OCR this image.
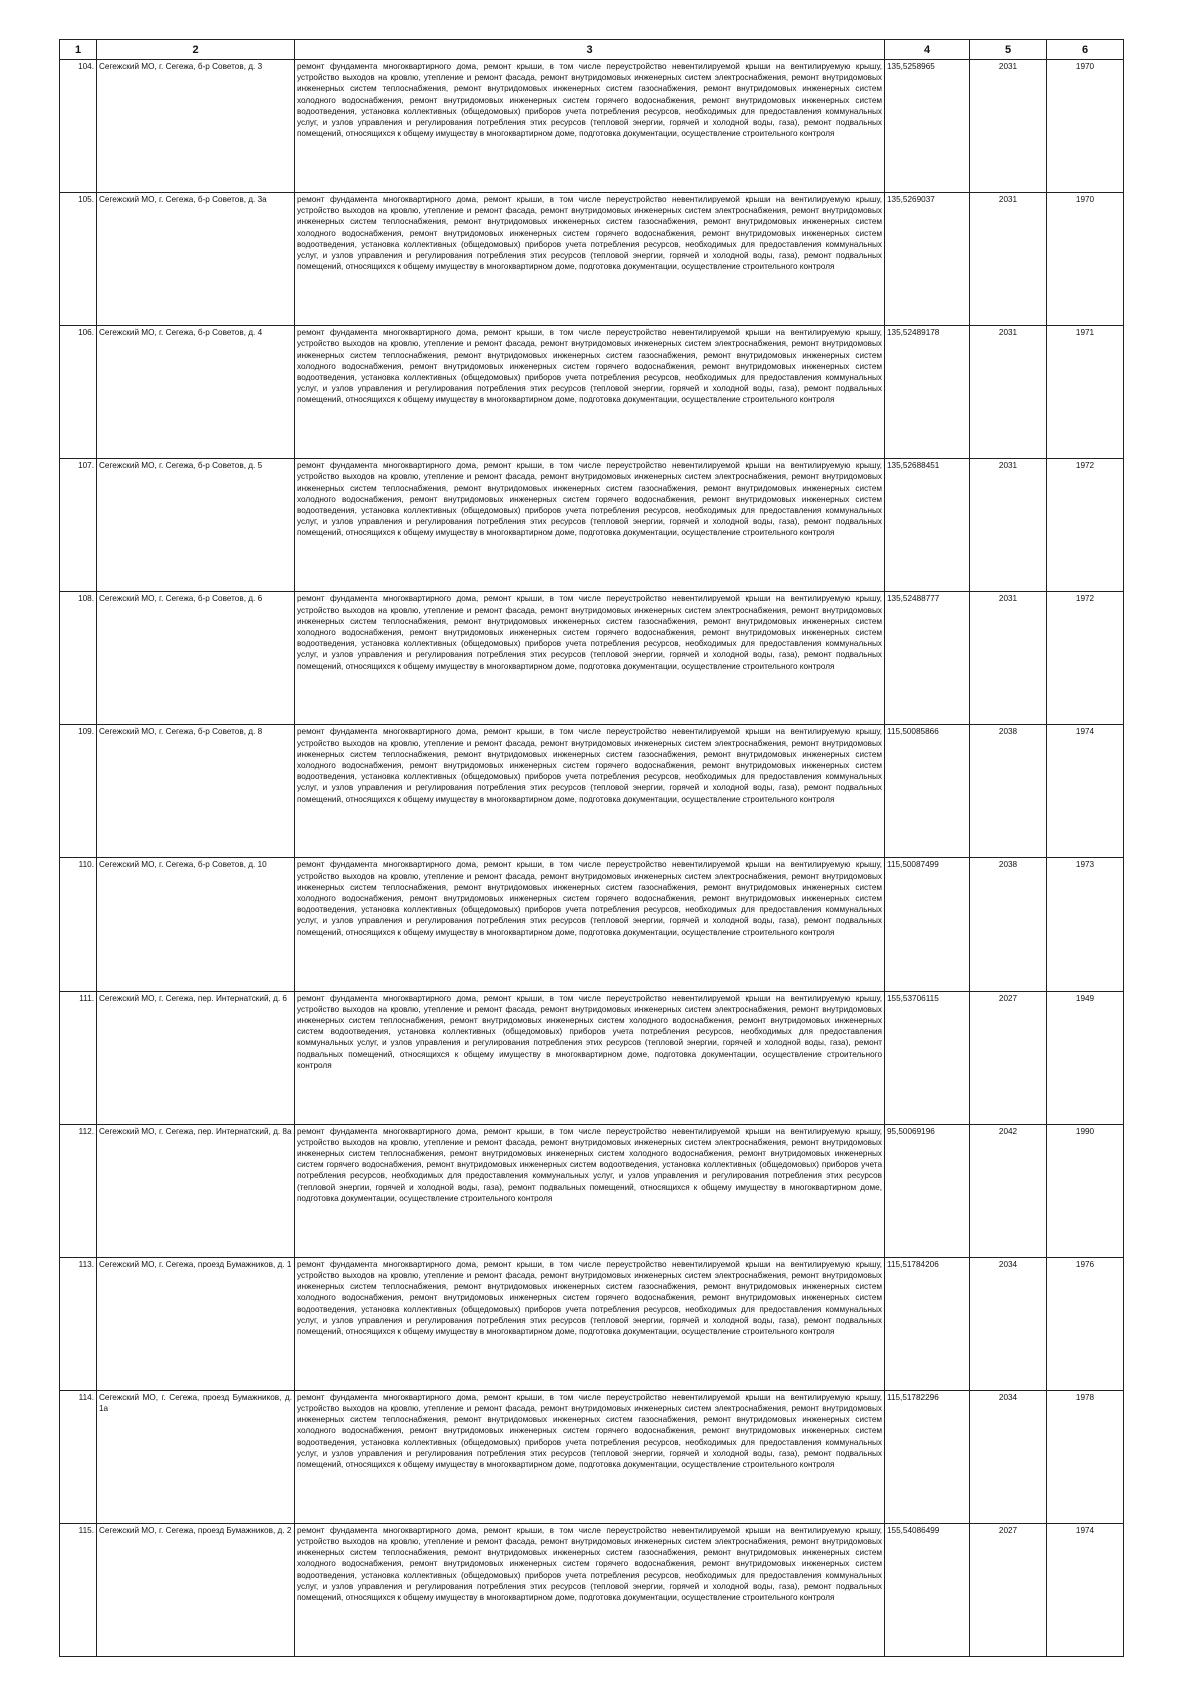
1	2	3	4	5	6
104.	Сегежский МО, г. Сегежа, б-р Советов, д. 3	ремонт фундамента многоквартирного дома, ремонт крыши, в том числе переустройство невентилируемой крыши на вентилируемую крышу, устройство выходов на кровлю, утепление и ремонт фасада, ремонт внутридомовых инженерных систем электроснабжения, ремонт внутридомовых инженерных систем теплоснабжения, ремонт внутридомовых инженерных систем газоснабжения, ремонт внутридомовых инженерных систем холодного водоснабжения, ремонт внутридомовых инженерных систем горячего водоснабжения, ремонт внутридомовых инженерных систем водоотведения, установка коллективных (общедомовых) приборов учета потребления ресурсов, необходимых для предоставления коммунальных услуг, и узлов управления и регулирования потребления этих ресурсов (тепловой энергии, горячей и холодной воды, газа), ремонт подвальных помещений, относящихся к общему имуществу в многоквартирном доме, подготовка документации, осуществление строительного контроля	135,5258965	2031	1970
105.	Сегежский МО, г. Сегежа, б-р Советов, д. 3а	ремонт фундамента многоквартирного дома, ремонт крыши, в том числе переустройство невентилируемой крыши на вентилируемую крышу, устройство выходов на кровлю, утепление и ремонт фасада, ремонт внутридомовых инженерных систем электроснабжения, ремонт внутридомовых инженерных систем теплоснабжения, ремонт внутридомовых инженерных систем газоснабжения, ремонт внутридомовых инженерных систем холодного водоснабжения, ремонт внутридомовых инженерных систем горячего водоснабжения, ремонт внутридомовых инженерных систем водоотведения, установка коллективных (общедомовых) приборов учета потребления ресурсов, необходимых для предоставления коммунальных услуг, и узлов управления и регулирования потребления этих ресурсов (тепловой энергии, горячей и холодной воды, газа), ремонт подвальных помещений, относящихся к общему имуществу в многоквартирном доме, подготовка документации, осуществление строительного контроля	135,5269037	2031	1970
106.	Сегежский МО, г. Сегежа, б-р Советов, д. 4	ремонт фундамента многоквартирного дома, ремонт крыши, в том числе переустройство невентилируемой крыши на вентилируемую крышу, устройство выходов на кровлю, утепление и ремонт фасада, ремонт внутридомовых инженерных систем электроснабжения, ремонт внутридомовых инженерных систем теплоснабжения, ремонт внутридомовых инженерных систем газоснабжения, ремонт внутридомовых инженерных систем холодного водоснабжения, ремонт внутридомовых инженерных систем горячего водоснабжения, ремонт внутридомовых инженерных систем водоотведения, установка коллективных (общедомовых) приборов учета потребления ресурсов, необходимых для предоставления коммунальных услуг, и узлов управления и регулирования потребления этих ресурсов (тепловой энергии, горячей и холодной воды, газа), ремонт подвальных помещений, относящихся к общему имуществу в многоквартирном доме, подготовка документации, осуществление строительного контроля	135,52489178	2031	1971
107.	Сегежский МО, г. Сегежа, б-р Советов, д. 5	ремонт фундамента многоквартирного дома, ремонт крыши, в том числе переустройство невентилируемой крыши на вентилируемую крышу, устройство выходов на кровлю, утепление и ремонт фасада, ремонт внутридомовых инженерных систем электроснабжения, ремонт внутридомовых инженерных систем теплоснабжения, ремонт внутридомовых инженерных систем газоснабжения, ремонт внутридомовых инженерных систем холодного водоснабжения, ремонт внутридомовых инженерных систем горячего водоснабжения, ремонт внутридомовых инженерных систем водоотведения, установка коллективных (общедомовых) приборов учета потребления ресурсов, необходимых для предоставления коммунальных услуг, и узлов управления и регулирования потребления этих ресурсов (тепловой энергии, горячей и холодной воды, газа), ремонт подвальных помещений, относящихся к общему имуществу в многоквартирном доме, подготовка документации, осуществление строительного контроля	135,52688451	2031	1972
108.	Сегежский МО, г. Сегежа, б-р Советов, д. 6	ремонт фундамента многоквартирного дома, ремонт крыши, в том числе переустройство невентилируемой крыши на вентилируемую крышу, устройство выходов на кровлю, утепление и ремонт фасада, ремонт внутридомовых инженерных систем электроснабжения, ремонт внутридомовых инженерных систем теплоснабжения, ремонт внутридомовых инженерных систем газоснабжения, ремонт внутридомовых инженерных систем холодного водоснабжения, ремонт внутридомовых инженерных систем горячего водоснабжения, ремонт внутридомовых инженерных систем водоотведения, установка коллективных (общедомовых) приборов учета потребления ресурсов, необходимых для предоставления коммунальных услуг, и узлов управления и регулирования потребления этих ресурсов (тепловой энергии, горячей и холодной воды, газа), ремонт подвальных помещений, относящихся к общему имуществу в многоквартирном доме, подготовка документации, осуществление строительного контроля	135,52488777	2031	1972
109.	Сегежский МО, г. Сегежа, б-р Советов, д. 8	ремонт фундамента многоквартирного дома, ремонт крыши, в том числе переустройство невентилируемой крыши на вентилируемую крышу, устройство выходов на кровлю, утепление и ремонт фасада, ремонт внутридомовых инженерных систем электроснабжения, ремонт внутридомовых инженерных систем теплоснабжения, ремонт внутридомовых инженерных систем газоснабжения, ремонт внутридомовых инженерных систем холодного водоснабжения, ремонт внутридомовых инженерных систем горячего водоснабжения, ремонт внутридомовых инженерных систем водоотведения, установка коллективных (общедомовых) приборов учета потребления ресурсов, необходимых для предоставления коммунальных услуг, и узлов управления и регулирования потребления этих ресурсов (тепловой энергии, горячей и холодной воды, газа), ремонт подвальных помещений, относящихся к общему имуществу в многоквартирном доме, подготовка документации, осуществление строительного контроля	115,50085866	2038	1974
110.	Сегежский МО, г. Сегежа, б-р Советов, д. 10	ремонт фундамента многоквартирного дома, ремонт крыши, в том числе переустройство невентилируемой крыши на вентилируемую крышу, устройство выходов на кровлю, утепление и ремонт фасада, ремонт внутридомовых инженерных систем электроснабжения, ремонт внутридомовых инженерных систем теплоснабжения, ремонт внутридомовых инженерных систем газоснабжения, ремонт внутридомовых инженерных систем холодного водоснабжения, ремонт внутридомовых инженерных систем горячего водоснабжения, ремонт внутридомовых инженерных систем водоотведения, установка коллективных (общедомовых) приборов учета потребления ресурсов, необходимых для предоставления коммунальных услуг, и узлов управления и регулирования потребления этих ресурсов (тепловой энергии, горячей и холодной воды, газа), ремонт подвальных помещений, относящихся к общему имуществу в многоквартирном доме, подготовка документации, осуществление строительного контроля	115,50087499	2038	1973
111.	Сегежский МО, г. Сегежа, пер. Интернатский, д. 6	ремонт фундамента многоквартирного дома, ремонт крыши, в том числе переустройство невентилируемой крыши на вентилируемую крышу, устройство выходов на кровлю, утепление и ремонт фасада, ремонт внутридомовых инженерных систем электроснабжения, ремонт внутридомовых инженерных систем теплоснабжения, ремонт внутридомовых инженерных систем холодного водоснабжения, ремонт внутридомовых инженерных систем водоотведения, установка коллективных (общедомовых) приборов учета потребления ресурсов, необходимых для предоставления коммунальных услуг, и узлов управления и регулирования потребления этих ресурсов (тепловой энергии, горячей и холодной воды, газа), ремонт подвальных помещений, относящихся к общему имуществу в многоквартирном доме, подготовка документации, осуществление строительного контроля	155,53706115	2027	1949
112.	Сегежский МО, г. Сегежа, пер. Интернатский, д. 8а	ремонт фундамента многоквартирного дома, ремонт крыши, в том числе переустройство невентилируемой крыши на вентилируемую крышу, устройство выходов на кровлю, утепление и ремонт фасада, ремонт внутридомовых инженерных систем электроснабжения, ремонт внутридомовых инженерных систем теплоснабжения, ремонт внутридомовых инженерных систем холодного водоснабжения, ремонт внутридомовых инженерных систем горячего водоснабжения, ремонт внутридомовых инженерных систем водоотведения, установка коллективных (общедомовых) приборов учета потребления ресурсов, необходимых для предоставления коммунальных услуг, и узлов управления и регулирования потребления этих ресурсов (тепловой энергии, горячей и холодной воды, газа), ремонт подвальных помещений, относящихся к общему имуществу в многоквартирном доме, подготовка документации, осуществление строительного контроля	95,50069196	2042	1990
113.	Сегежский МО, г. Сегежа, проезд Бумажников, д. 1	ремонт фундамента многоквартирного дома, ремонт крыши, в том числе переустройство невентилируемой крыши на вентилируемую крышу, устройство выходов на кровлю, утепление и ремонт фасада, ремонт внутридомовых инженерных систем электроснабжения, ремонт внутридомовых инженерных систем теплоснабжения, ремонт внутридомовых инженерных систем газоснабжения, ремонт внутридомовых инженерных систем холодного водоснабжения, ремонт внутридомовых инженерных систем горячего водоснабжения, ремонт внутридомовых инженерных систем водоотведения, установка коллективных (общедомовых) приборов учета потребления ресурсов, необходимых для предоставления коммунальных услуг, и узлов управления и регулирования потребления этих ресурсов (тепловой энергии, горячей и холодной воды, газа), ремонт подвальных помещений, относящихся к общему имуществу в многоквартирном доме, подготовка документации, осуществление строительного контроля	115,51784206	2034	1976
114.	Сегежский МО, г. Сегежа, проезд Бумажников, д. 1а	ремонт фундамента многоквартирного дома, ремонт крыши, в том числе переустройство невентилируемой крыши на вентилируемую крышу, устройство выходов на кровлю, утепление и ремонт фасада, ремонт внутридомовых инженерных систем электроснабжения, ремонт внутридомовых инженерных систем теплоснабжения, ремонт внутридомовых инженерных систем газоснабжения, ремонт внутридомовых инженерных систем холодного водоснабжения, ремонт внутридомовых инженерных систем горячего водоснабжения, ремонт внутридомовых инженерных систем водоотведения, установка коллективных (общедомовых) приборов учета потребления ресурсов, необходимых для предоставления коммунальных услуг, и узлов управления и регулирования потребления этих ресурсов (тепловой энергии, горячей и холодной воды, газа), ремонт подвальных помещений, относящихся к общему имуществу в многоквартирном доме, подготовка документации, осуществление строительного контроля	115,51782296	2034	1978
115.	Сегежский МО, г. Сегежа, проезд Бумажников, д. 2	ремонт фундамента многоквартирного дома, ремонт крыши, в том числе переустройство невентилируемой крыши на вентилируемую крышу, устройство выходов на кровлю, утепление и ремонт фасада, ремонт внутридомовых инженерных систем электроснабжения, ремонт внутридомовых инженерных систем теплоснабжения, ремонт внутридомовых инженерных систем газоснабжения, ремонт внутридомовых инженерных систем холодного водоснабжения, ремонт внутридомовых инженерных систем горячего водоснабжения, ремонт внутридомовых инженерных систем водоотведения, установка коллективных (общедомовых) приборов учета потребления ресурсов, необходимых для предоставления коммунальных услуг, и узлов управления и регулирования потребления этих ресурсов (тепловой энергии, горячей и холодной воды, газа), ремонт подвальных помещений, относящихся к общему имуществу в многоквартирном доме, подготовка документации, осуществление строительного контроля	155,54086499	2027	1974
